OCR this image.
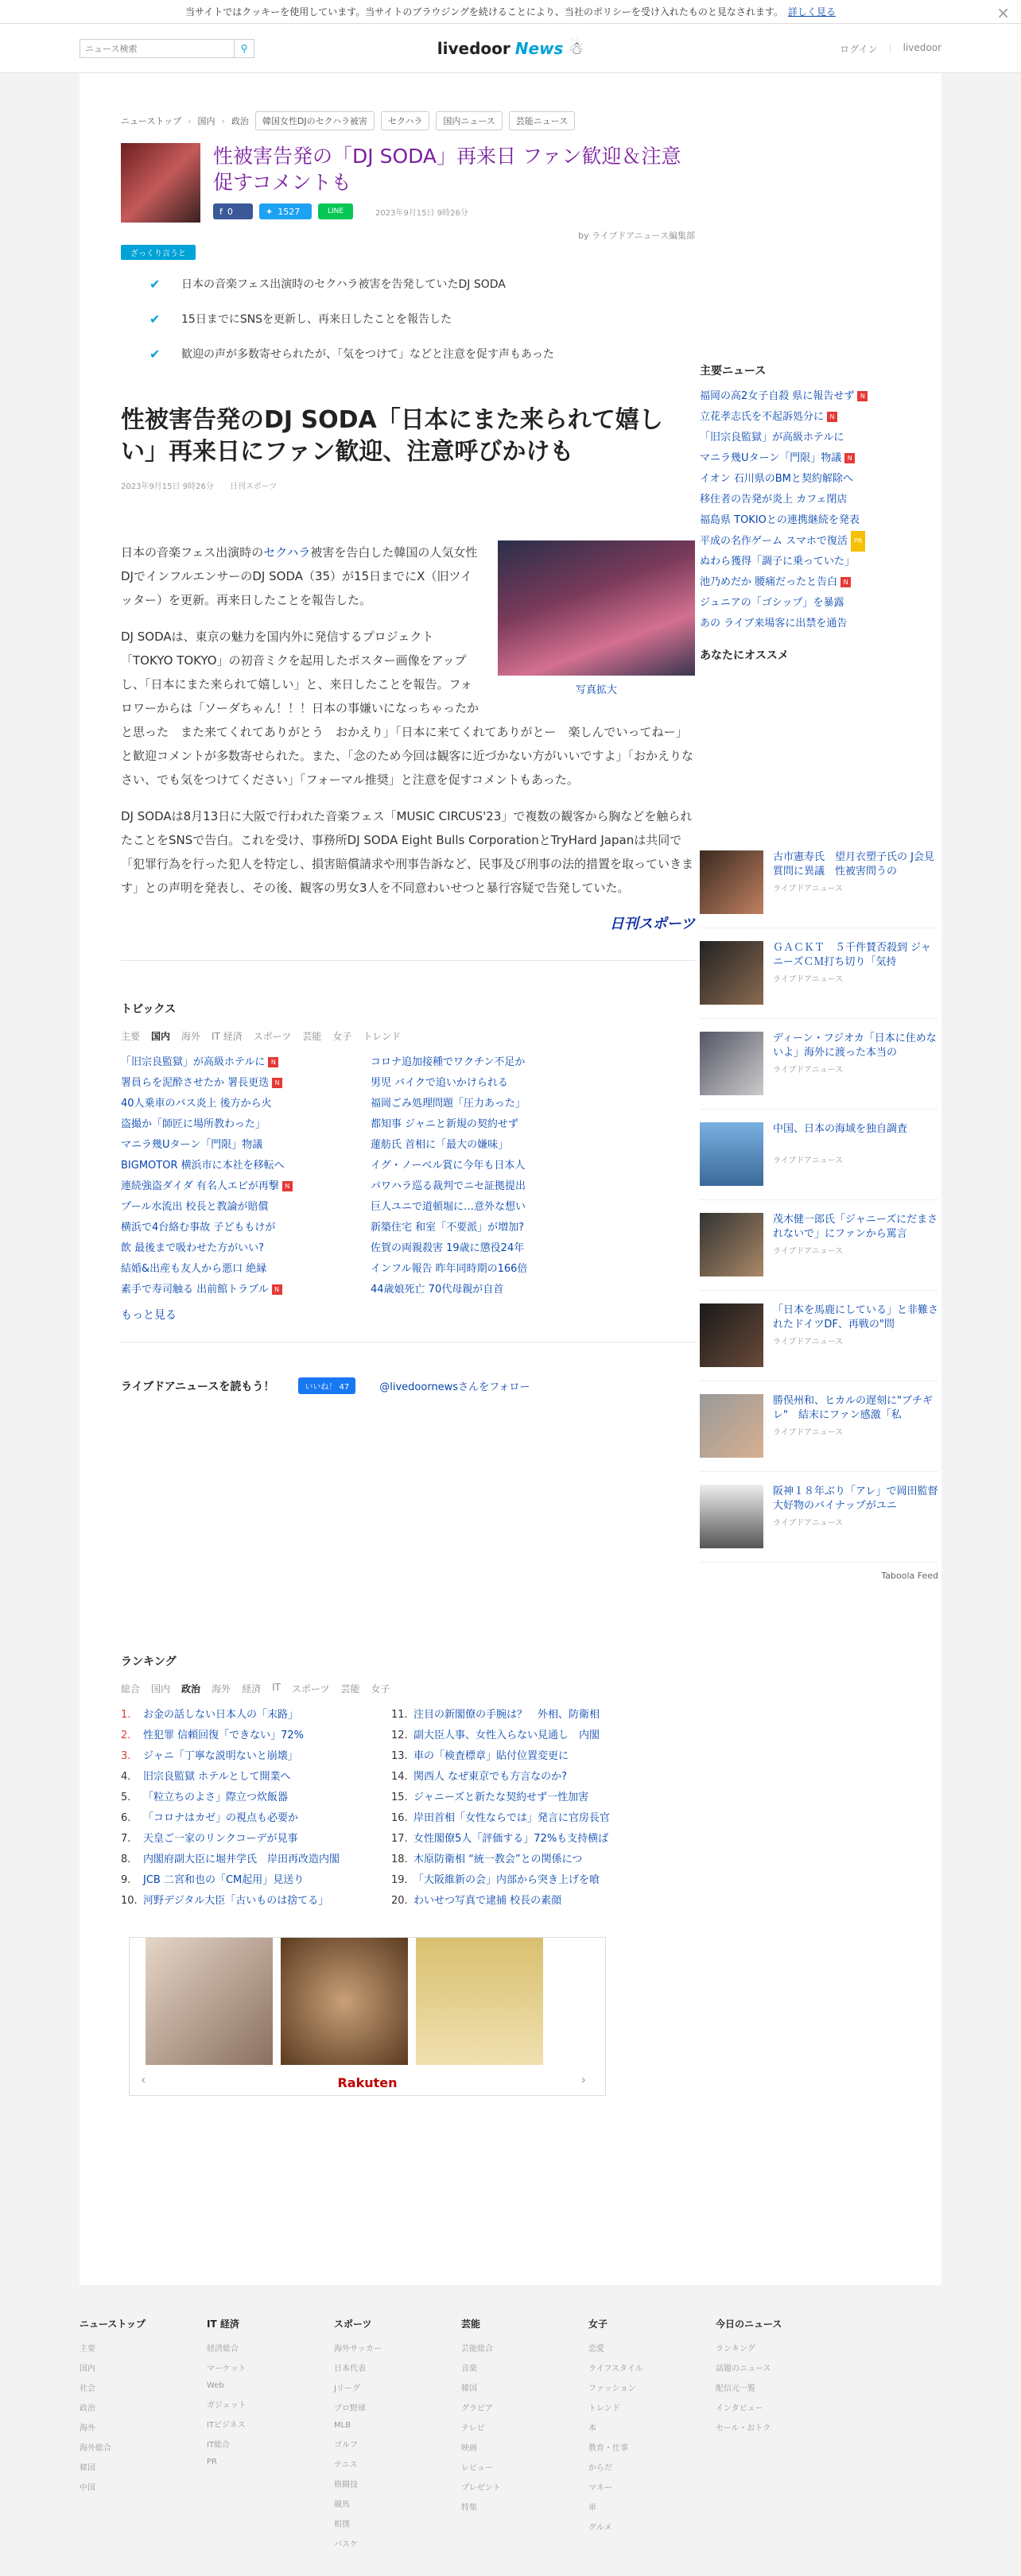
当サイトではクッキーを使用しています。当サイトのブラウジングを続けることにより、当社のポリシーを受け入れたものと見なされます。 詳しく見る	×
ニュース検索
⚲	livedoor News ☃	ログイン | livedoor
ニューストップ › 国内 › 政治	韓国女性DJのセクハラ被害	セクハラ	国内ニュース	芸能ニュース
性被害告発の「DJ SODA」再来日 ファン歓迎＆注意促すコメントも
f 0	✦ 1527	LINE	2023年9月15日 9時26分
by ライブドアニュース編集部
ざっくり言うと
✔	日本の音楽フェス出演時のセクハラ被害を告発していたDJ SODA
✔	15日までにSNSを更新し、再来日したことを報告した
✔	歓迎の声が多数寄せられたが、「気をつけて」などと注意を促す声もあった
性被害告発のDJ SODA「日本にまた来られて嬉しい」再来日にファン歓迎、注意呼びかけも
2023年9月15日 9時26分 日刊スポーツ
写真拡大

日本の音楽フェス出演時のセクハラ被害を告白した韓国の人気女性DJでインフルエンサーのDJ SODA（35）が15日までにX（旧ツイッター）を更新。再来日したことを報告した。

DJ SODAは、東京の魅力を国内外に発信するプロジェクト「TOKYO TOKYO」の初音ミクを起用したポスター画像をアップし、「日本にまた来られて嬉しい」と、来日したことを報告。フォロワーからは「ソーダちゃん！！！日本の事嫌いになっちゃったかと思った　また来てくれてありがとう　おかえり」「日本に来てくれてありがとー　楽しんでいってねー」と歓迎コメントが多数寄せられた。また、「念のため今回は観客に近づかない方がいいですよ」「おかえりなさい、でも気をつけてください」「フォーマル推奨」と注意を促すコメントもあった。

DJ SODAは8月13日に大阪で行われた音楽フェス「MUSIC CIRCUS'23」で複数の観客から胸などを触られたことをSNSで告白。これを受け、事務所DJ SODA Eight Bulls CorporationとTryHard Japanは共同で「犯罪行為を行った犯人を特定し、損害賠償請求や刑事告訴など、民事及び刑事の法的措置を取っていきます」との声明を発表し、その後、観客の男女3人を不同意わいせつと暴行容疑で告発していた。

日刊スポーツ
トピックス
主要 国内 海外 IT 経済 スポーツ 芸能 女子 トレンド
「旧宗良監獄」が高級ホテルに N	コロナ追加接種でワクチン不足か
署員らを泥酔させたか 署長更迭 N	男児 バイクで追いかけられる
40人乗車のバス炎上 後方から火	福岡ごみ処理問題「圧力あった」
盗撮か「師匠に場所教わった」	都知事 ジャニと新規の契約せず
マニラ幾Uターン「門限」物議	蓮舫氏 首相に「最大の嫌味」
BIGMOTOR 横浜市に本社を移転へ	イグ・ノーベル賞に今年も日本人
連続強盗ダイダ 有名人エビが再撃 N	パワハラ巡る裁判でニセ証拠提出
プール水流出 校長と教論が賠償	巨人ユニで道頓堀に…意外な想い
横浜で4台絡む事故 子どももけが	新築住宅 和室「不要派」が増加?
飲 最後まで吸わせた方がいい?	佐賀の両親殺害 19歳に懲役24年
結婚&出産も友人から悪口 絶縁	インフル報告 昨年同時期の166倍
素手で寿司触る 出前館トラブル N	44歳娘死亡 70代母親が自首
もっと見る
ライブドアニュースを読もう！	いいね！ 47	@livedoornewsさんをフォロー
ランキング
総合 国内 政治 海外 経済 IT スポーツ 芸能 女子
1. お金の話しない日本人の「末路」	11. 注目の新閣僚の手腕は？　外相、防衛相
2. 性犯罪 信頼回復「できない」72%	12. 副大臣人事、女性入らない見通し　内閣
3. ジャニ「丁寧な説明ないと崩壊」	13. 車の「検査標章」貼付位置変更に
4. 旧宗良監獄 ホテルとして開業へ	14. 関西人 なぜ東京でも方言なのか?
5. 「粒立ちのよさ」際立つ炊飯器	15. ジャニーズと新たな契約せず一性加害
6. 「コロナはカゼ」の視点も必要か	16. 岸田首相「女性ならでは」発言に官房長官
7. 天皇ご一家のリンクコーデが見事	17. 女性閣僚5人「評価する」72%も支持横ば
8. 内閣府副大臣に堀井学氏　岸田再改造内閣	18. 木原防衛相 “統一教会”との関係につ
9. JCB 二宮和也の「CM起用」見送り	19. 「大阪維新の会」内部から突き上げを喰
10. 河野デジタル大臣「古いものは捨てる」	20. わいせつ写真で逮捕 校長の素顔
‹	Rakuten	›
主要ニュース
福岡の高2女子自殺 県に報告せず N
立花孝志氏を不起訴処分に N
「旧宗良監獄」が高級ホテルに
マニラ幾Uターン「門限」物議 N
イオン 石川県のBMと契約解除へ
移住者の告発が炎上 カフェ閉店
福島県 TOKIOとの連携継続を発表
平成の名作ゲーム スマホで復活 PR
ぬわら獲得「調子に乗っていた」
池乃めだか 腰痛だったと告白 N
ジュニアの「ゴシップ」を暴露
あの ライブ来場客に出禁を通告
あなたにオススメ
古市憲寿氏　望月衣塑子氏の J会見質問に異議　性被害問うの
ライブドアニュース
ＧＡＣＫＴ　５千件賛否殺到 ジャニーズＣＭ打ち切り「気持
ライブドアニュース
ディーン・フジオカ「日本に住めないよ」海外に渡った本当の
ライブドアニュース
中国、日本の海域を独自調査
ライブドアニュース
茂木健一郎氏「ジャニーズにだまされないで」にファンから罵言
ライブドアニュース
「日本を馬鹿にしている」と非難されたドイツDF、再戦の"問
ライブドアニュース
勝俣州和、ヒカルの遅刻に"ブチギレ"　結末にファン感激「私
ライブドアニュース
阪神１８年ぶり「アレ」で岡田監督大好物のバイナップがユニ
ライブドアニュース
Taboola Feed
ニューストップ
主要
国内
社会
政治
海外
海外総合
韓国
中国
IT 経済
経済総合
マーケット
Web
ガジェット
ITビジネス
IT総合
PR
スポーツ
海外サッカー
日本代表
Jリーグ
プロ野球
MLB
ゴルフ
テニス
格闘技
競馬
相撲
バスケ
芸能
芸能総合
音楽
韓国
グラビア
テレビ
映画
レビュー
プレゼント
特集
女子
恋愛
ライフスタイル
ファッション
トレンド
本
教育・仕事
からだ
マネー
車
グルメ
今日のニュース
ランキング
話題のニュース
配信元一覧
インタビュー
セール・おトク
